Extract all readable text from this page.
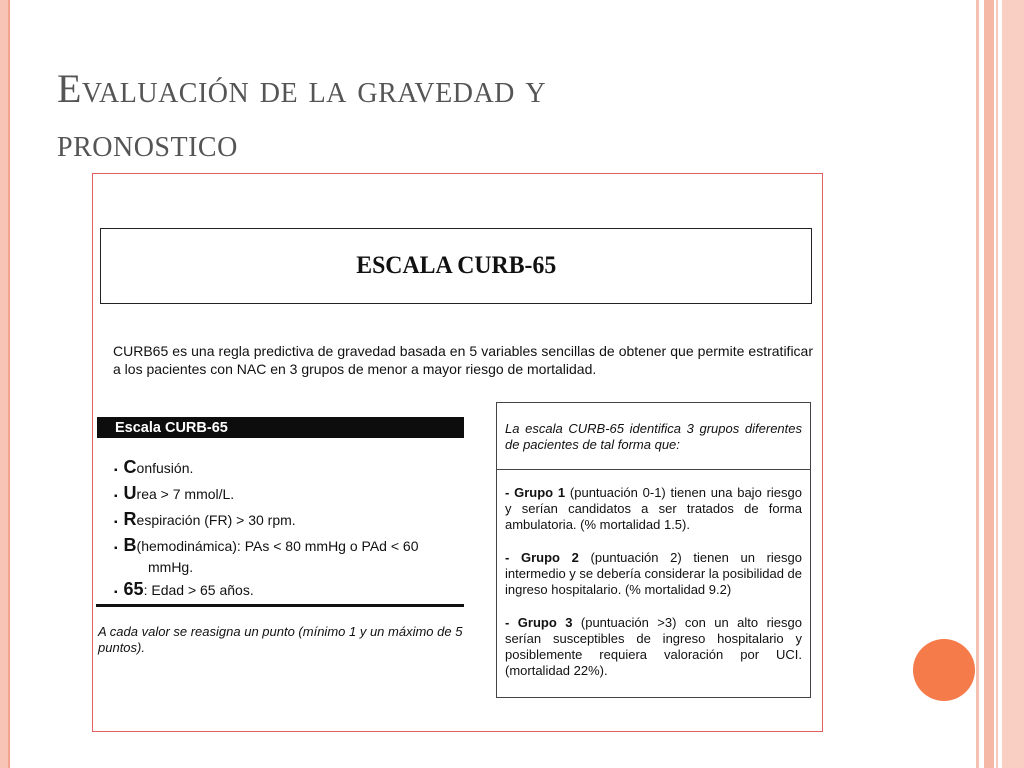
Evaluación de la gravedad y
pronostico
ESCALA CURB-65
CURB65 es una regla predictiva de gravedad basada en 5 variables sencillas de obtener que permite estratificar a los pacientes con NAC en 3 grupos de menor a mayor riesgo de mortalidad.
Escala CURB-65
▪ C onfusión.
▪ U rea > 7 mmol/L.
▪ R espiración (FR) > 30 rpm.
▪ B (hemodinámica): PAs < 80 mmHg o PAd < 60
mmHg.
▪ 65 : Edad > 65 años.
A cada valor se reasigna un punto (mínimo 1 y un máximo de 5 puntos).
La escala CURB-65 identifica 3 grupos diferentes de pacientes de tal forma que:

- Grupo 1 (puntuación 0-1) tienen una bajo riesgo y serían candidatos a ser tratados de forma ambulatoria. (% mortalidad 1.5).

- Grupo 2 (puntuación 2) tienen un riesgo intermedio y se debería considerar la posibilidad de ingreso hospitalario. (% mortalidad 9.2)

- Grupo 3 (puntuación >3) con un alto riesgo serían susceptibles de ingreso hospitalario y posiblemente requiera valoración por UCI. (mortalidad 22%).
